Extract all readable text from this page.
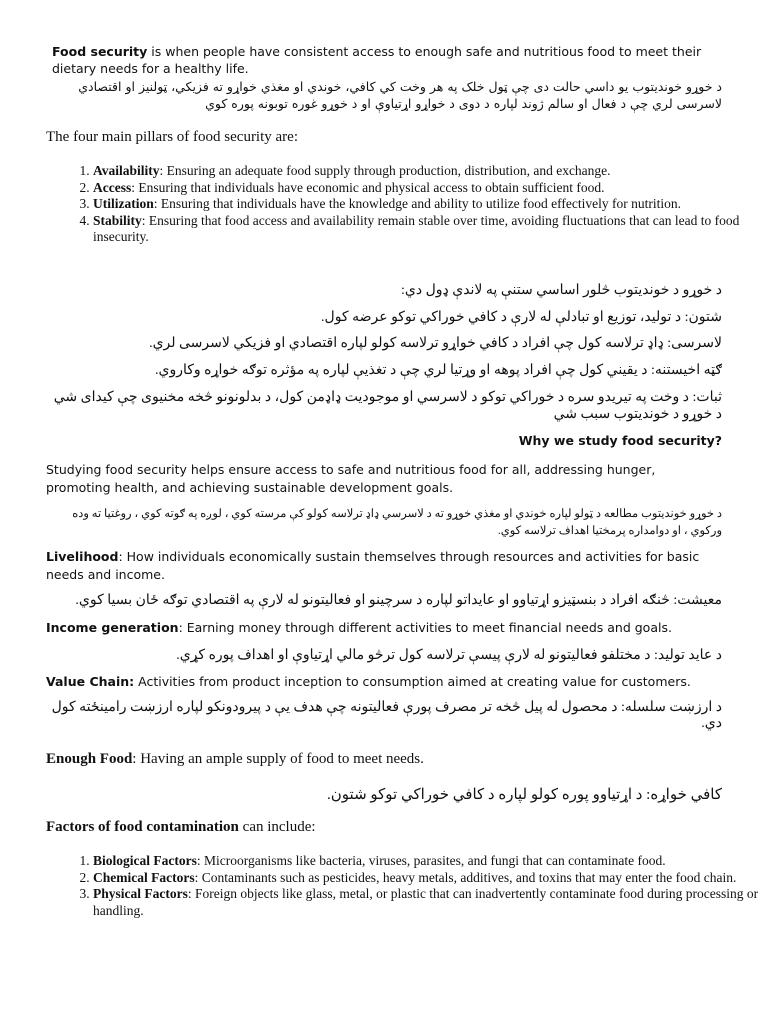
Food security is when people have consistent access to enough safe and nutritious food to meet their dietary needs for a healthy life.
د خوړو خونديتوب يو داسي حالت دی چې ټول خلک په هر وخت کي کافي، خوندي او مغذي خواړو ته فزيکي، ټولنيز او اقتصادي لاسرسی لري چې د فعال او سالم ژوند لپاره د دوی د خواړو اړتياوې او د خوړو غوره توبونه پوره کوي
The four main pillars of food security are:
1. Availability: Ensuring an adequate food supply through production, distribution, and exchange.
2. Access: Ensuring that individuals have economic and physical access to obtain sufficient food.
3. Utilization: Ensuring that individuals have the knowledge and ability to utilize food effectively for nutrition.
4. Stability: Ensuring that food access and availability remain stable over time, avoiding fluctuations that can lead to food insecurity.
د خوړو د خونديتوب څلور اساسي ستنې په لاندې ډول دي:
شتون: د توليد، توزيع او تبادلې له لارې د کافي خوراکي توکو عرضه کول.
لاسرسی: ډاډ ترلاسه کول چې افراد د کافي خواړو ترلاسه کولو لپاره اقتصادي او فزيکي لاسرسی لري.
ګټه اخيستنه: د يقيني کول چې افراد پوهه او وړتيا لري چې د تغذيې لپاره په مؤثره توګه خواړه وکاروي.
ثبات: د وخت په تيريدو سره د خوراکي توکو د لاسرسي او موجوديت ډاډمن کول، د بدلونونو څخه مخنيوی چې کيدای شي د خوړو د خونديتوب سبب شي
Why we study food security?
Studying food security helps ensure access to safe and nutritious food for all, addressing hunger, promoting health, and achieving sustainable development goals.
د خوړو خونديتوب مطالعه د ټولو لپاره خوندي او مغذي خوړو ته د لاسرسي ډاډ ترلاسه کولو کې مرسته کوي ، لوږه په ګوته کوي ، روغتيا ته وده ورکوي ، او دوامداره پرمختيا اهداف ترلاسه کوي.
Livelihood: How individuals economically sustain themselves through resources and activities for basic needs and income.
معيشت: څنګه افراد د بنسټيزو اړتياوو او عايداتو لپاره د سرچينو او فعاليتونو له لارې په اقتصادي توګه ځان بسيا کوي.
Income generation: Earning money through different activities to meet financial needs and goals.
د عايد توليد: د مختلفو فعاليتونو له لارې پيسې ترلاسه کول ترڅو مالي اړتياوې او اهداف پوره کړي.
Value Chain: Activities from product inception to consumption aimed at creating value for customers.
د ارزښت سلسله: د محصول له پيل څخه تر مصرف پورې فعاليتونه چې هدف يې د پيرودونکو لپاره ارزښت رامينځته کول دي.
Enough Food: Having an ample supply of food to meet needs.
کافي خواړه: د اړتياوو پوره کولو لپاره د کافي خوراکي توکو شتون.
Factors of food contamination can include:
1. Biological Factors: Microorganisms like bacteria, viruses, parasites, and fungi that can contaminate food.
2. Chemical Factors: Contaminants such as pesticides, heavy metals, additives, and toxins that may enter the food chain.
3. Physical Factors: Foreign objects like glass, metal, or plastic that can inadvertently contaminate food during processing or handling.
